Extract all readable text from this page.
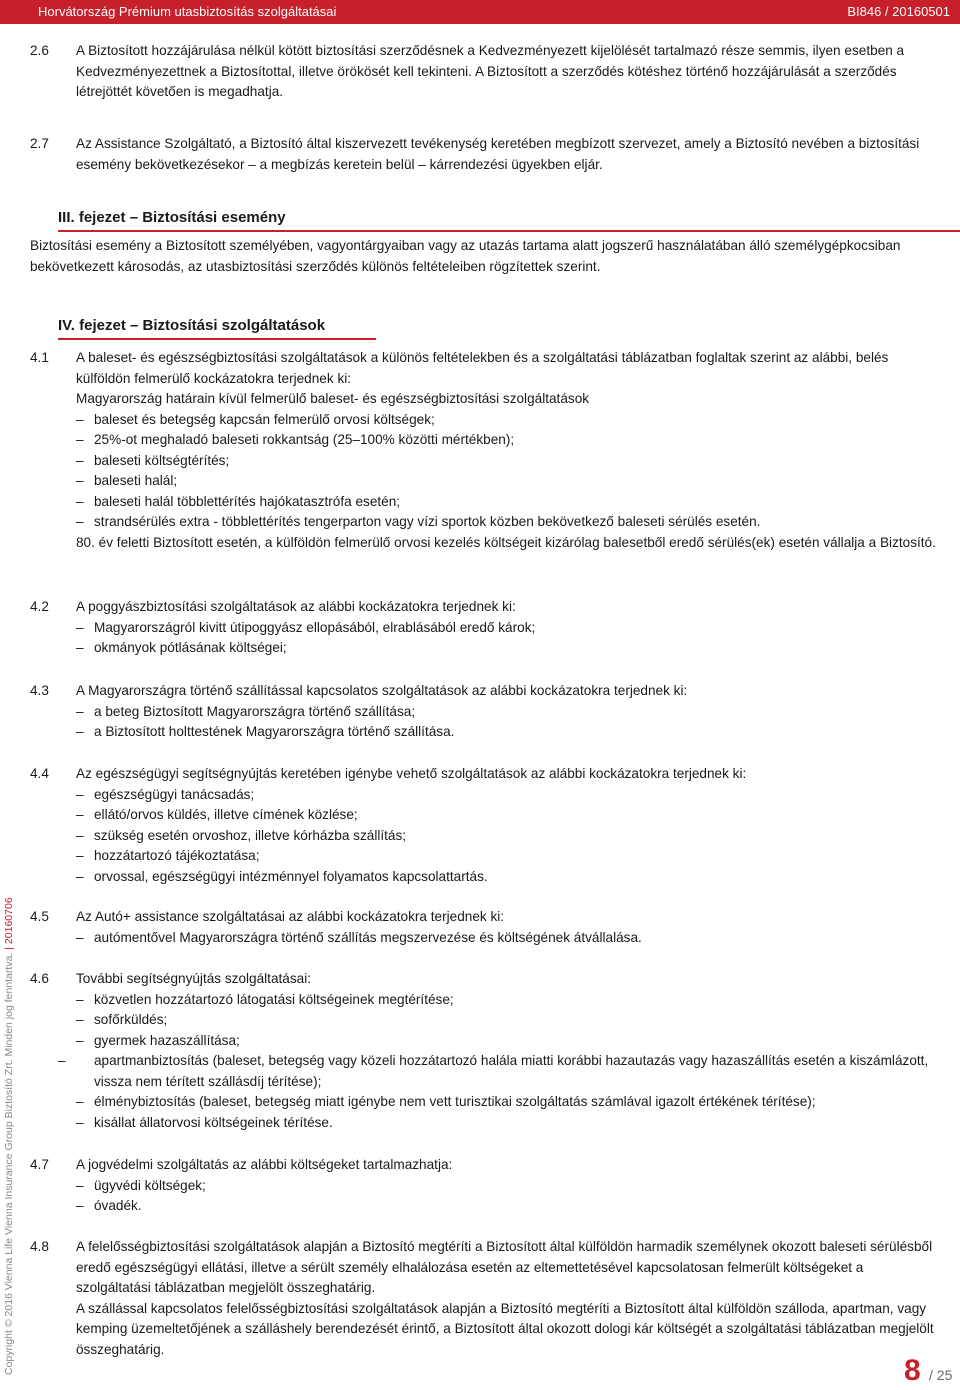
Horvátország Prémium utasbiztosítás szolgáltatásai	BI846 / 20160501
2.6 A Biztosított hozzájárulása nélkül kötött biztosítási szerződésnek a Kedvezményezett kijelölését tartalmazó része semmis, ilyen esetben a Kedvezményezettnek a Biztosítottal, illetve örökösét kell tekinteni. A Biztosított a szerződés kötéshez történő hozzájárulását a szerződés létrejöttét követően is megadhatja.
2.7 Az Assistance Szolgáltató, a Biztosító által kiszervezett tevékenység keretében megbízott szervezet, amely a Biztosító nevében a biztosítási esemény bekövetkezésekor – a megbízás keretein belül – kárrendezési ügyekben eljár.
III. fejezet – Biztosítási esemény
Biztosítási esemény a Biztosított személyében, vagyontárgyaiban vagy az utazás tartama alatt jogszerű használatában álló személygépkocsiban bekövetkezett károsodás, az utasbiztosítási szerződés különös feltételeiben rögzítettek szerint.
IV. fejezet – Biztosítási szolgáltatások
4.1 A baleset- és egészségbiztosítási szolgáltatások a különös feltételekben és a szolgáltatási táblázatban foglaltak szerint az alábbi, belés külföldön felmerülő kockázatokra terjednek ki:
Magyarország határain kívül felmerülő baleset- és egészségbiztosítási szolgáltatások
– baleset és betegség kapcsán felmerülő orvosi költségek;
– 25%-ot meghaladó baleseti rokkantság (25–100% közötti mértékben);
– baleseti költségtérítés;
– baleseti halál;
– baleseti halál többlettérítés hajókatasztrófa esetén;
– strandsérülés extra - többlettérítés tengerparton vagy vízi sportok közben bekövetkező baleseti sérülés esetén.
80. év feletti Biztosított esetén, a külföldön felmerülő orvosi kezelés költségeit kizárólag balesetből eredő sérülés(ek) esetén vállalja a Biztosító.
4.2 A poggyászbiztosítási szolgáltatások az alábbi kockázatokra terjednek ki:
– Magyarországról kivitt útipoggyász ellopásából, elrablásából eredő károk;
– okmányok pótlásának költségei;
4.3 A Magyarországra történő szállítással kapcsolatos szolgáltatások az alábbi kockázatokra terjednek ki:
– a beteg Biztosított Magyarországra történő szállítása;
– a Biztosított holttestének Magyarországra történő szállítása.
4.4 Az egészségügyi segítségnyújtás keretében igénybe vehető szolgáltatások az alábbi kockázatokra terjednek ki:
– egészségügyi tanácsadás;
– ellátó/orvos küldés, illetve címének közlése;
– szükség esetén orvoshoz, illetve kórházba szállítás;
– hozzátartozó tájékoztatása;
– orvossal, egészségügyi intézménnyel folyamatos kapcsolattartás.
4.5 Az Autó+ assistance szolgáltatásai az alábbi kockázatokra terjednek ki:
– autómentővel Magyarországra történő szállítás megszervezése és költségének átvállalása.
4.6 További segítségnyújtás szolgáltatásai:
– közvetlen hozzátartozó látogatási költségeinek megtérítése;
– sofőrküldés;
– gyermek hazaszállítása;
– apartmanbiztosítás (baleset, betegség vagy közeli hozzátartozó halála miatti korábbi hazautazás vagy hazaszállítás esetén a kiszámlázott, vissza nem térített szállásdíj térítése);
– élménybiztosítás (baleset, betegség miatt igénybe nem vett turisztikai szolgáltatás számlával igazolt értékének térítése);
– kisállat állatorvosi költségeinek térítése.
4.7 A jogvédelmi szolgáltatás az alábbi költségeket tartalmazhatja:
– ügyvédi költségek;
– óvadék.
4.8 A felelősségbiztosítási szolgáltatások alapján a Biztosító megtéríti a Biztosított által külföldön harmadik személynek okozott baleseti sérülésből eredő egészségügyi ellátási, illetve a sérült személy elhalálozása esetén az eltemettetésével kapcsolatosan felmerült költségeket a szolgáltatási táblázatban megjelölt összeghatárig.
A szállással kapcsolatos felelősségbiztosítási szolgáltatások alapján a Biztosító megtéríti a Biztosított által külföldön szálloda, apartman, vagy kemping üzemeltetőjének a szálláshely berendezését érintő, a Biztosított által okozott dologi kár költségét a szolgáltatási táblázatban megjelölt összeghatárig.
Copyright © 2016 Vienna Life Vienna Insurance Group Biztosító Zrt. Minden jog fenntartva. | 20160706
8 / 25
